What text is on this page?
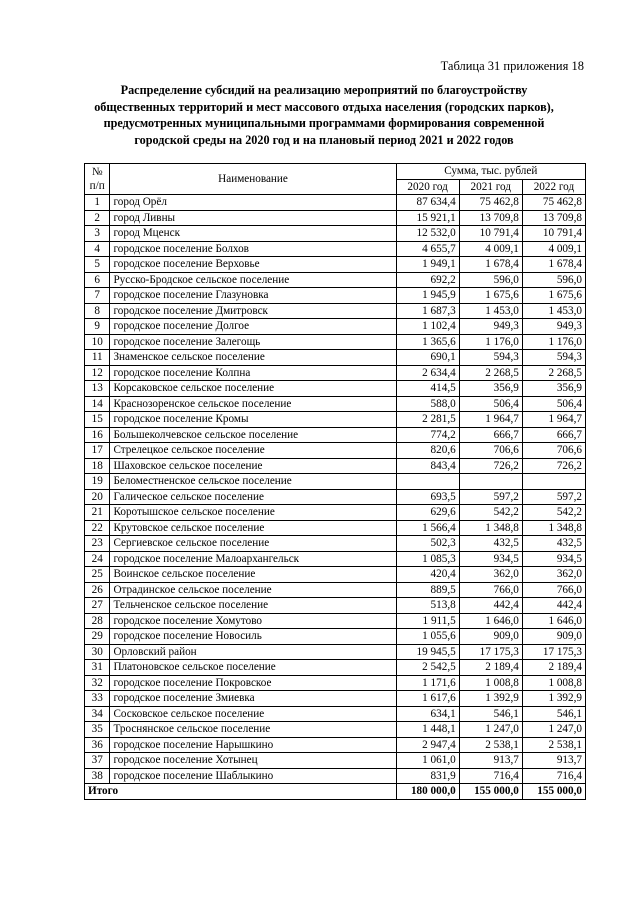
Таблица 31 приложения 18
Распределение субсидий на реализацию мероприятий по благоустройству
общественных территорий и мест массового отдыха населения (городских парков),
предусмотренных муниципальными программами формирования современной
городской среды на 2020 год и на плановый период 2021 и 2022 годов
№
п/п	Наименование	Сумма, тыс. рублей		
		2020 год	2021 год	2022 год
1	город Орёл	87 634,4	75 462,8	75 462,8
2	город Ливны	15 921,1	13 709,8	13 709,8
3	город Мценск	12 532,0	10 791,4	10 791,4
4	городское поселение Болхов	4 655,7	4 009,1	4 009,1
5	городское поселение Верховье	1 949,1	1 678,4	1 678,4
6	Русско-Бродское сельское поселение	692,2	596,0	596,0
7	городское поселение Глазуновка	1 945,9	1 675,6	1 675,6
8	городское поселение Дмитровск	1 687,3	1 453,0	1 453,0
9	городское поселение Долгое	1 102,4	949,3	949,3
10	городское поселение Залегощь	1 365,6	1 176,0	1 176,0
11	Знаменское сельское поселение	690,1	594,3	594,3
12	городское поселение Колпна	2 634,4	2 268,5	2 268,5
13	Корсаковское сельское поселение	414,5	356,9	356,9
14	Краснозоренское сельское поселение	588,0	506,4	506,4
15	городское поселение Кромы	2 281,5	1 964,7	1 964,7
16	Большеколчевское сельское поселение	774,2	666,7	666,7
17	Стрелецкое сельское поселение	820,6	706,6	706,6
18	Шаховское сельское поселение	843,4	726,2	726,2
19	Беломестненское сельское поселение			
20	Галическое сельское поселение	693,5	597,2	597,2
21	Коротышское сельское поселение	629,6	542,2	542,2
22	Крутовское сельское поселение	1 566,4	1 348,8	1 348,8
23	Сергиевское сельское поселение	502,3	432,5	432,5
24	городское поселение Малоархангельск	1 085,3	934,5	934,5
25	Воинское сельское поселение	420,4	362,0	362,0
26	Отрадинское сельское поселение	889,5	766,0	766,0
27	Тельченское сельское поселение	513,8	442,4	442,4
28	городское поселение Хомутово	1 911,5	1 646,0	1 646,0
29	городское поселение Новосиль	1 055,6	909,0	909,0
30	Орловский район	19 945,5	17 175,3	17 175,3
31	Платоновское сельское поселение	2 542,5	2 189,4	2 189,4
32	городское поселение Покровское	1 171,6	1 008,8	1 008,8
33	городское поселение Змиевка	1 617,6	1 392,9	1 392,9
34	Сосковское сельское поселение	634,1	546,1	546,1
35	Троснянское сельское поселение	1 448,1	1 247,0	1 247,0
36	городское поселение Нарышкино	2 947,4	2 538,1	2 538,1
37	городское поселение Хотынец	1 061,0	913,7	913,7
38	городское поселение Шаблыкино	831,9	716,4	716,4
Итого		180 000,0	155 000,0	155 000,0
